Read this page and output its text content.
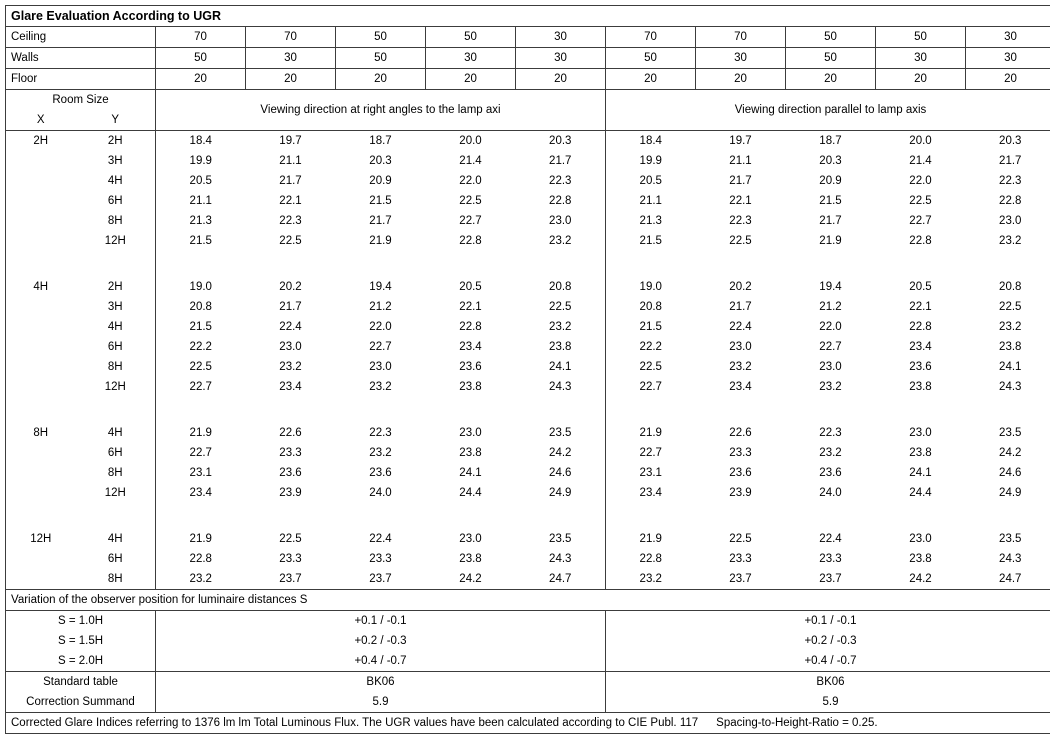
Glare Evaluation According to UGR											
Ceiling		70	70	50	50	30	70	70	50	50	30
Walls		50	30	50	30	30	50	30	50	30	30
Floor		20	20	20	20	20	20	20	20	20	20
Room Size		Viewing direction at right angles to the lamp axi					Viewing direction parallel to lamp axis				
X	Y										
2H	2H	18.4	19.7	18.7	20.0	20.3	18.4	19.7	18.7	20.0	20.3
	3H	19.9	21.1	20.3	21.4	21.7	19.9	21.1	20.3	21.4	21.7
	4H	20.5	21.7	20.9	22.0	22.3	20.5	21.7	20.9	22.0	22.3
	6H	21.1	22.1	21.5	22.5	22.8	21.1	22.1	21.5	22.5	22.8
	8H	21.3	22.3	21.7	22.7	23.0	21.3	22.3	21.7	22.7	23.0
	12H	21.5	22.5	21.9	22.8	23.2	21.5	22.5	21.9	22.8	23.2

4H	2H	19.0	20.2	19.4	20.5	20.8	19.0	20.2	19.4	20.5	20.8
	3H	20.8	21.7	21.2	22.1	22.5	20.8	21.7	21.2	22.1	22.5
	4H	21.5	22.4	22.0	22.8	23.2	21.5	22.4	22.0	22.8	23.2
	6H	22.2	23.0	22.7	23.4	23.8	22.2	23.0	22.7	23.4	23.8
	8H	22.5	23.2	23.0	23.6	24.1	22.5	23.2	23.0	23.6	24.1
	12H	22.7	23.4	23.2	23.8	24.3	22.7	23.4	23.2	23.8	24.3

8H	4H	21.9	22.6	22.3	23.0	23.5	21.9	22.6	22.3	23.0	23.5
	6H	22.7	23.3	23.2	23.8	24.2	22.7	23.3	23.2	23.8	24.2
	8H	23.1	23.6	23.6	24.1	24.6	23.1	23.6	23.6	24.1	24.6
	12H	23.4	23.9	24.0	24.4	24.9	23.4	23.9	24.0	24.4	24.9

12H	4H	21.9	22.5	22.4	23.0	23.5	21.9	22.5	22.4	23.0	23.5
	6H	22.8	23.3	23.3	23.8	24.3	22.8	23.3	23.3	23.8	24.3
	8H	23.2	23.7	23.7	24.2	24.7	23.2	23.7	23.7	24.2	24.7
Variation of the observer position for luminaire distances S											
S = 1.0H		+0.1 / -0.1					+0.1 / -0.1				
S = 1.5H		+0.2 / -0.3					+0.2 / -0.3				
S = 2.0H		+0.4 / -0.7					+0.4 / -0.7				
Standard table		BK06					BK06				
Correction Summand		5.9					5.9				
Corrected Glare Indices referring to 1376 lm lm Total Luminous Flux. The UGR values have been calculated according to CIE Publ. 117 Spacing-to-Height-Ratio = 0.25.											
